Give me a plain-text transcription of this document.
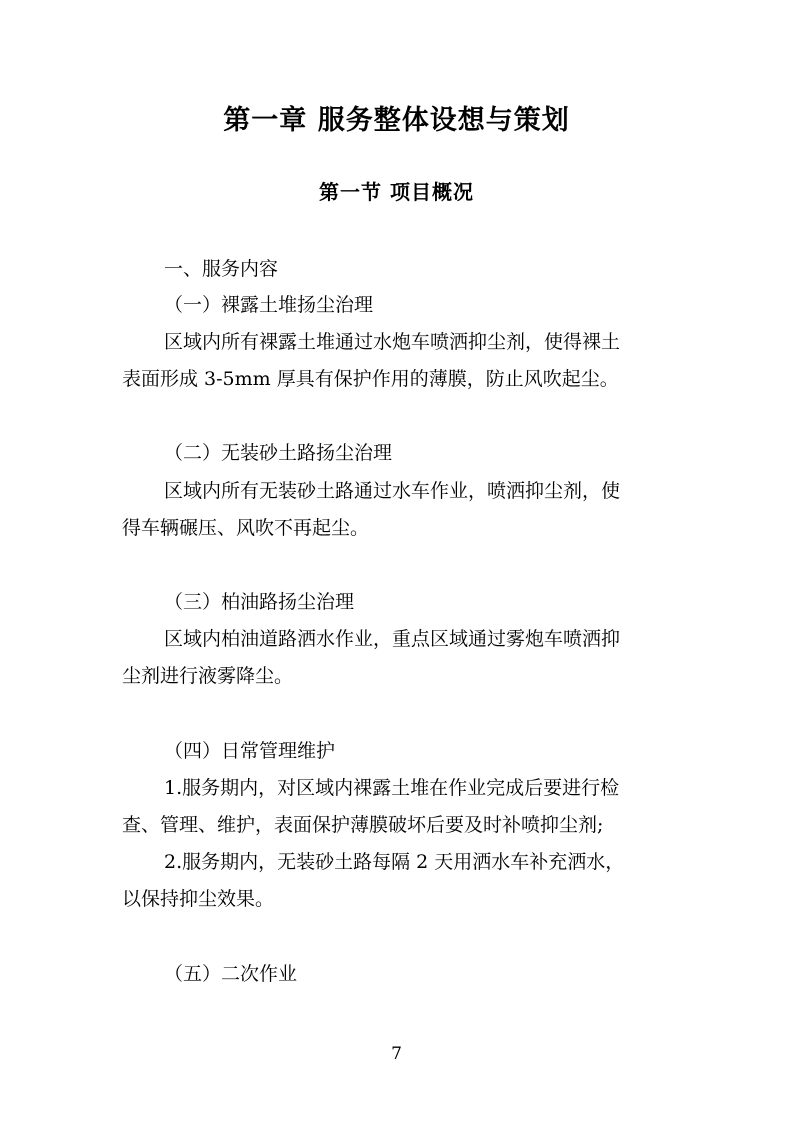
第一章 服务整体设想与策划
第一节 项目概况
一、服务内容
（一）裸露土堆扬尘治理
区域内所有裸露土堆通过水炮车喷洒抑尘剂，使得裸土
表面形成 3-5mm 厚具有保护作用的薄膜，防止风吹起尘。
（二）无装砂土路扬尘治理
区域内所有无装砂土路通过水车作业，喷洒抑尘剂，使
得车辆碾压、风吹不再起尘。
（三）柏油路扬尘治理
区域内柏油道路洒水作业，重点区域通过雾炮车喷洒抑
尘剂进行液雾降尘。
（四）日常管理维护
1.服务期内，对区域内裸露土堆在作业完成后要进行检
查、管理、维护，表面保护薄膜破坏后要及时补喷抑尘剂;
2.服务期内，无装砂土路每隔 2 天用洒水车补充洒水，
以保持抑尘效果。
（五）二次作业
7
